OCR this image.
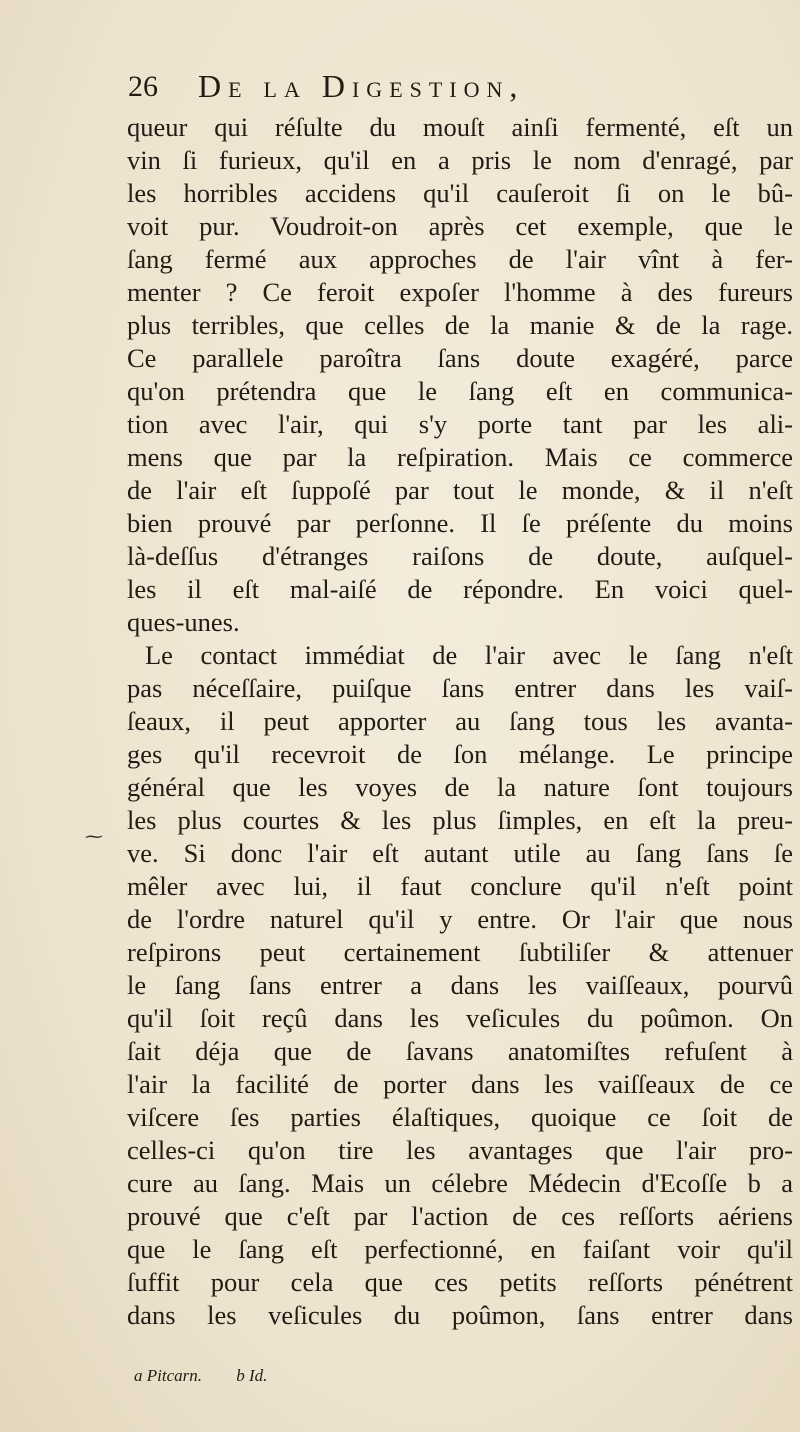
26 De la Digestion,
queur qui réſulte du mouſt ainſi fermenté, eſt un
vin ſi furieux, qu'il en a pris le nom d'enragé, par
les horribles accidens qu'il cauſeroit ſi on le bû-
voit pur. Voudroit-on après cet exemple, que le
ſang fermé aux approches de l'air vînt à fer-
menter ? Ce feroit expoſer l'homme à des fureurs
plus terribles, que celles de la manie & de la rage.
Ce parallele paroîtra ſans doute exagéré, parce
qu'on prétendra que le ſang eſt en communica-
tion avec l'air, qui s'y porte tant par les ali-
mens que par la reſpiration. Mais ce commerce
de l'air eſt ſuppoſé par tout le monde, & il n'eſt
bien prouvé par perſonne. Il ſe préſente du moins
là-deſſus d'étranges raiſons de doute, auſquel-
les il eſt mal-aiſé de répondre. En voici quel-
ques-unes.
Le contact immédiat de l'air avec le ſang n'eſt
pas néceſſaire, puiſque ſans entrer dans les vaiſ-
ſeaux, il peut apporter au ſang tous les avanta-
ges qu'il recevroit de ſon mélange. Le principe
général que les voyes de la nature ſont toujours
les plus courtes & les plus ſimples, en eſt la preu-
ve. Si donc l'air eſt autant utile au ſang ſans ſe
mêler avec lui, il faut conclure qu'il n'eſt point
de l'ordre naturel qu'il y entre. Or l'air que nous
reſpirons peut certainement ſubtiliſer & attenuer
le ſang ſans entrer a dans les vaiſſeaux, pourvû
qu'il ſoit reçû dans les veſicules du poûmon. On
ſait déja que de ſavans anatomiſtes refuſent à
l'air la facilité de porter dans les vaiſſeaux de ce
viſcere ſes parties élaſtiques, quoique ce ſoit de
celles-ci qu'on tire les avantages que l'air pro-
cure au ſang. Mais un célebre Médecin d'Ecoſſe b a
prouvé que c'eſt par l'action de ces reſſorts aériens
que le ſang eſt perfectionné, en faiſant voir qu'il
ſuffit pour cela que ces petits reſſorts pénétrent
dans les veſicules du poûmon, ſans entrer dans
⁓
a Pitcarn. b Id.
